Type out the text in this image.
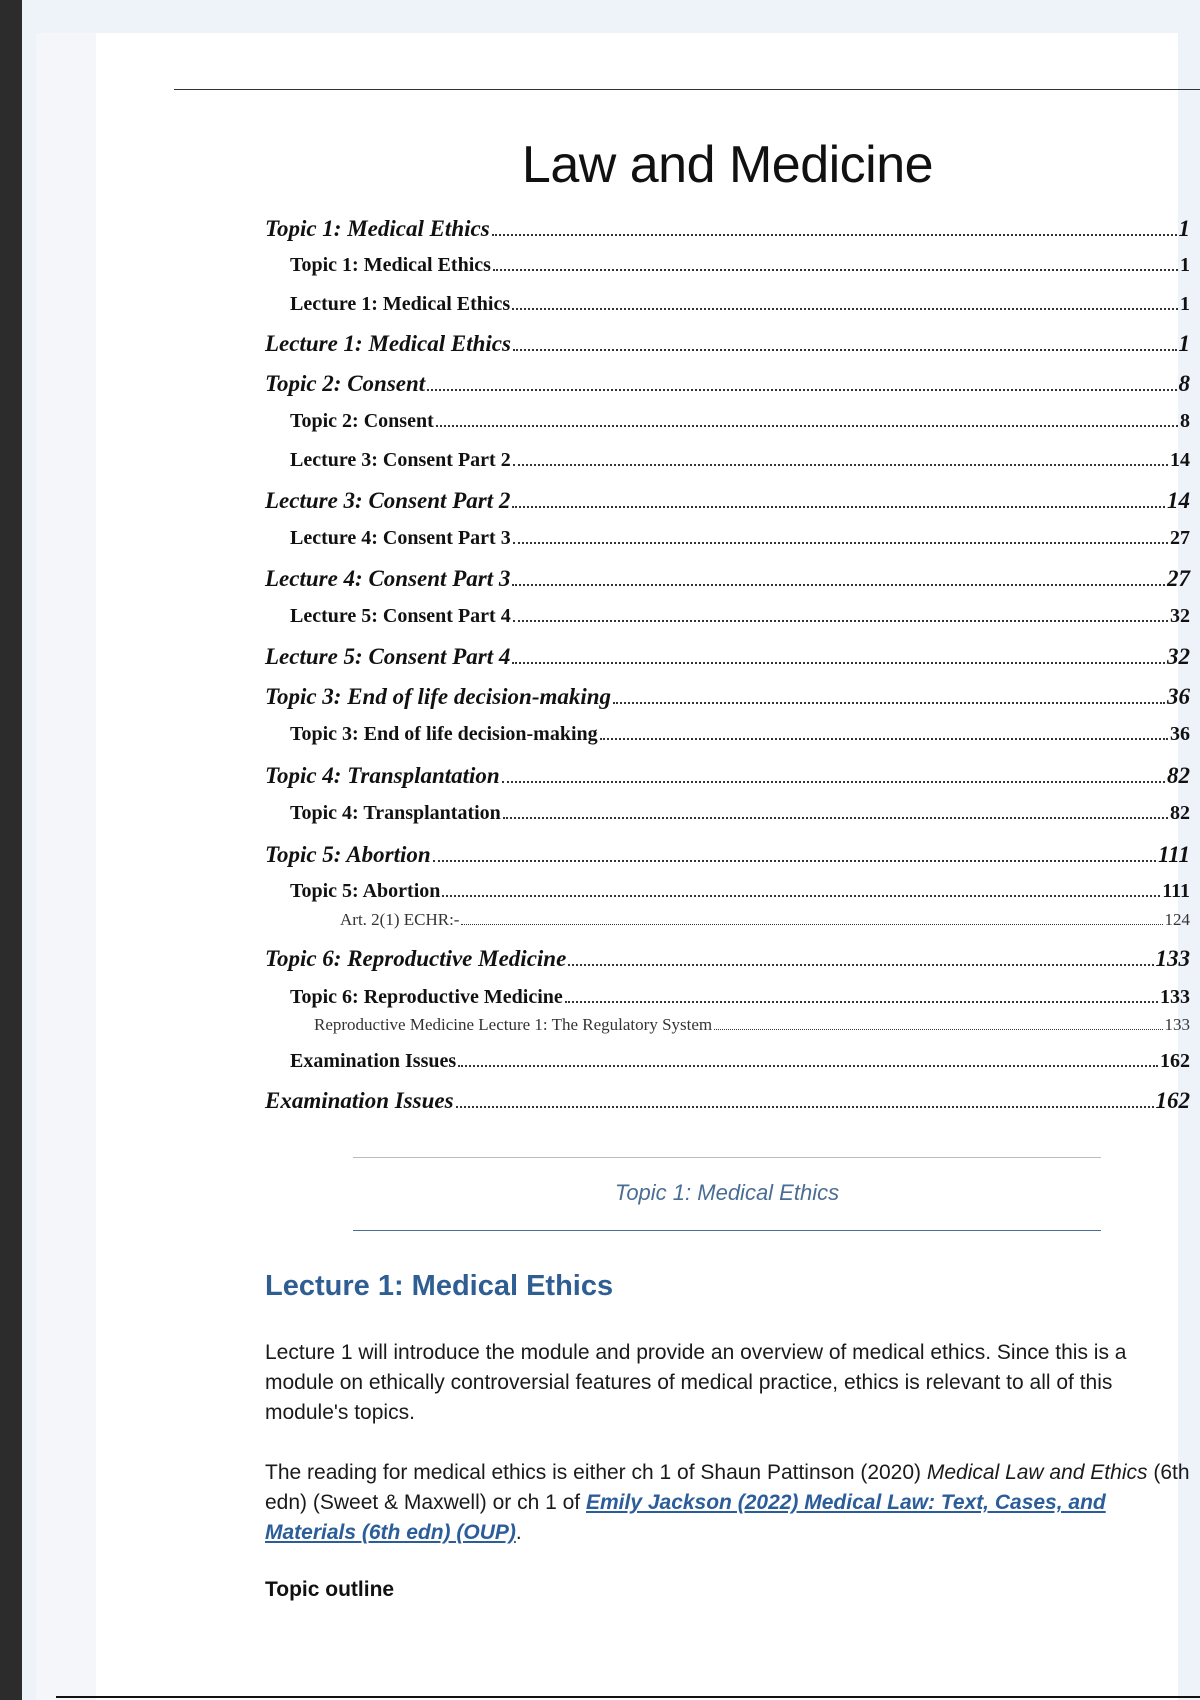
Law and Medicine
Topic 1: Medical Ethics	1
Topic 1: Medical Ethics	1
Lecture 1: Medical Ethics	1
Lecture 1: Medical Ethics	1
Topic 2: Consent	8
Topic 2: Consent	8
Lecture 3: Consent Part 2	14
Lecture 3: Consent Part 2	14
Lecture 4: Consent Part 3	27
Lecture 4: Consent Part 3	27
Lecture 5: Consent Part 4	32
Lecture 5: Consent Part 4	32
Topic 3: End of life decision-making	36
Topic 3: End of life decision-making	36
Topic 4: Transplantation	82
Topic 4: Transplantation	82
Topic 5: Abortion	111
Topic 5: Abortion	111
Art. 2(1) ECHR:-	124
Topic 6: Reproductive Medicine	133
Topic 6: Reproductive Medicine	133
Reproductive Medicine Lecture 1: The Regulatory System	133
Examination Issues	162
Examination Issues	162
Topic 1: Medical Ethics
Lecture 1: Medical Ethics
Lecture 1 will introduce the module and provide an overview of medical ethics. Since this is a module on ethically controversial features of medical practice, ethics is relevant to all of this module's topics.
The reading for medical ethics is either ch 1 of Shaun Pattinson (2020) Medical Law and Ethics (6th edn) (Sweet & Maxwell) or ch 1 of Emily Jackson (2022) Medical Law: Text, Cases, and Materials (6th edn) (OUP).
Topic outline
